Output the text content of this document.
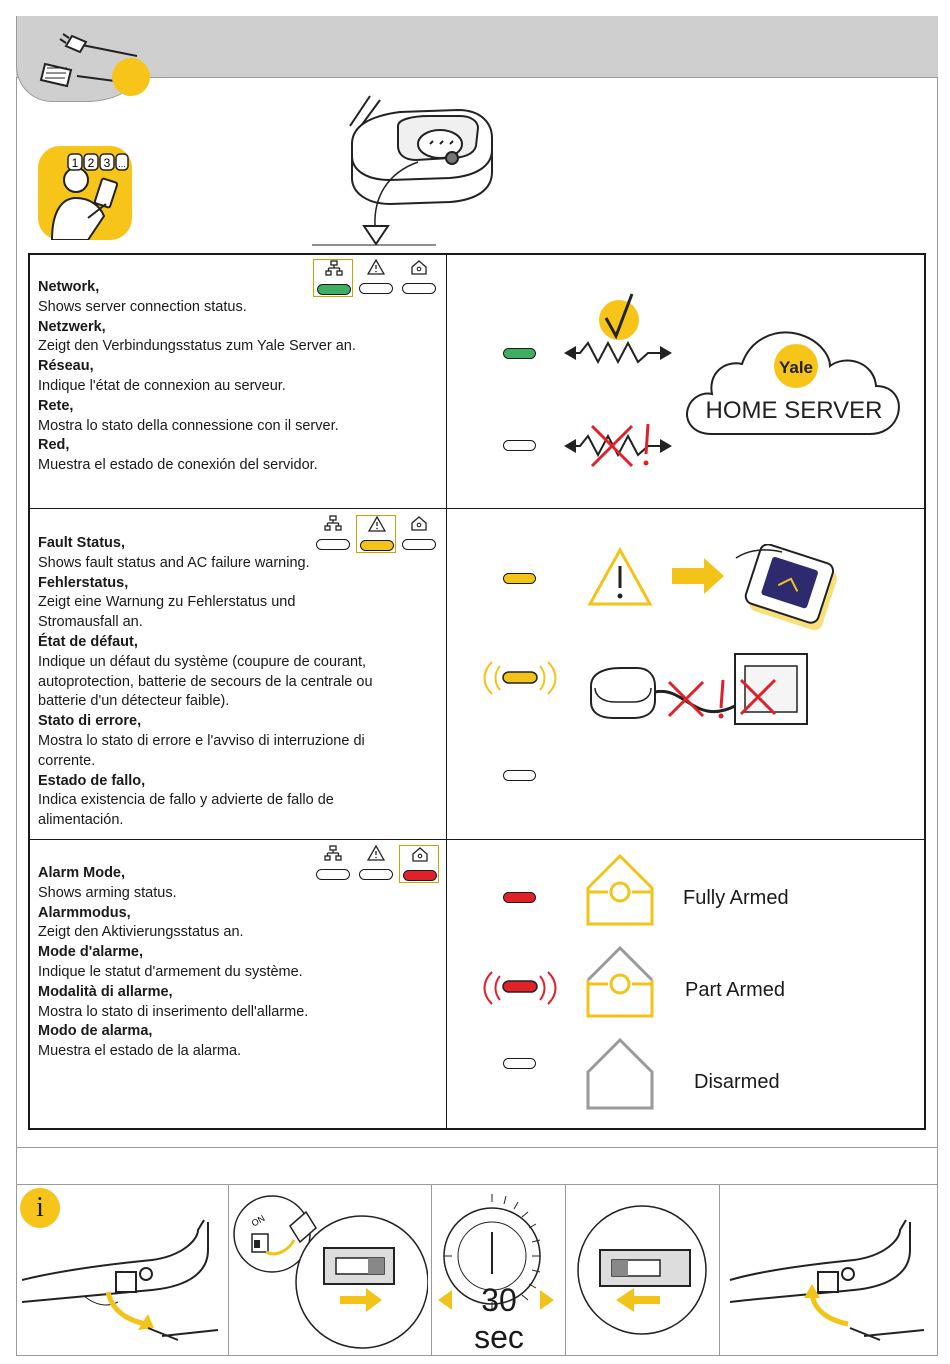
1 2 3 ...
Network,
Shows server connection status.
Netzwerk,
Zeigt den Verbindungsstatus zum Yale Server an.
Réseau,
Indique l'état de connexion au serveur.
Rete,
Mostra lo stato della connessione con il server.
Red,
Muestra el estado de conexión del servidor.
Yale
HOME SERVER
Fault Status,
Shows fault status and AC failure warning.
Fehlerstatus,
Zeigt eine Warnung zu Fehlerstatus und
Stromausfall an.
État de défaut,
Indique un défaut du système (coupure de courant,
autoprotection, batterie de secours de la centrale ou
batterie d'un détecteur faible).
Stato di errore,
Mostra lo stato di errore e l'avviso di interruzione di
corrente.
Estado de fallo,
Indica existencia de fallo y advierte de fallo de
alimentación.
Alarm Mode,
Shows arming status.
Alarmmodus,
Zeigt den Aktivierungsstatus an.
Mode d'alarme,
Indique le statut d'armement du système.
Modalità di allarme,
Mostra lo stato di inserimento dell'allarme.
Modo de alarma,
Muestra el estado de la alarma.
Fully Armed
Part Armed
Disarmed
i	ON
30 sec
